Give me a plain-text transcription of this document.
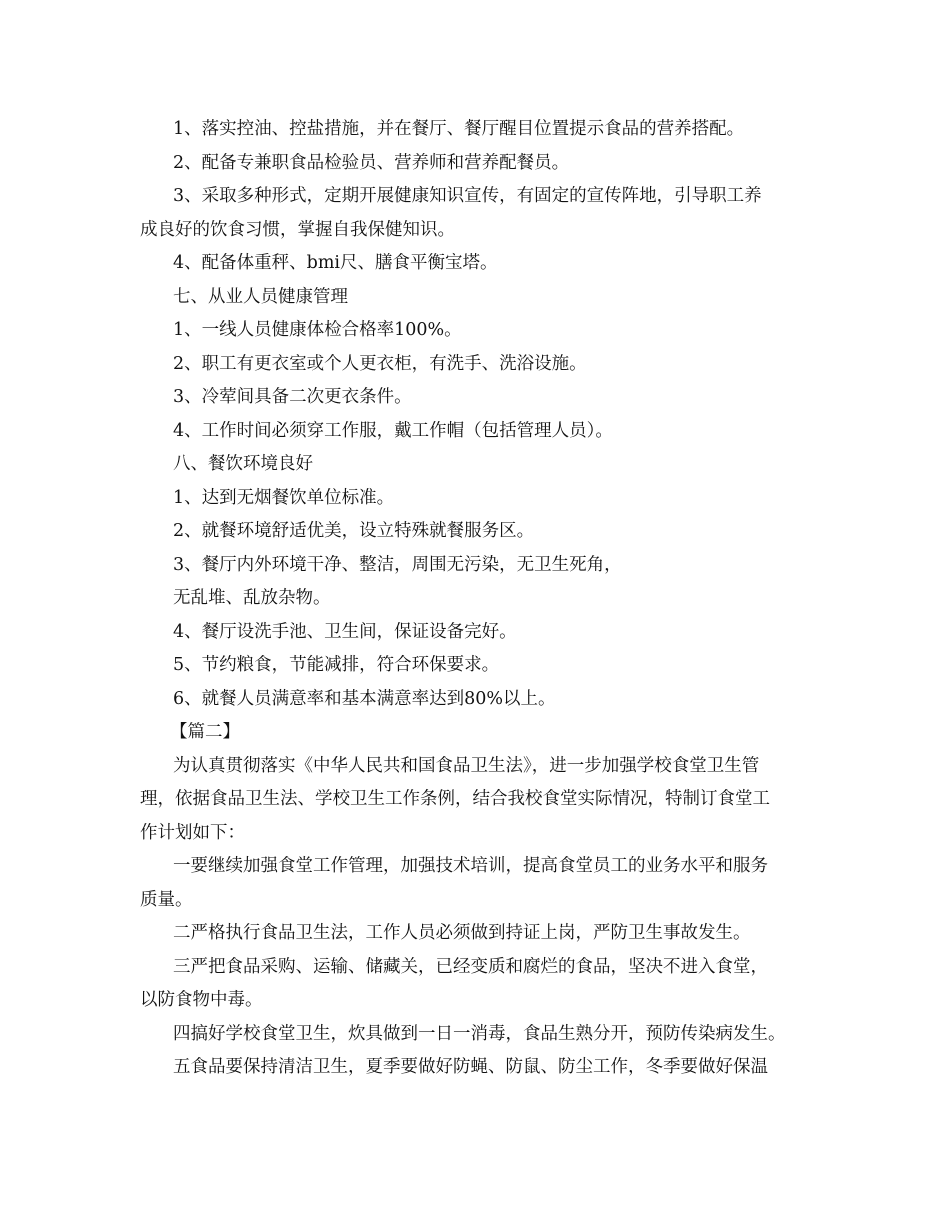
1、落实控油、控盐措施，并在餐厅、餐厅醒目位置提示食品的营养搭配。

2、配备专兼职食品检验员、营养师和营养配餐员。

3、采取多种形式，定期开展健康知识宣传，有固定的宣传阵地，引导职工养

成良好的饮食习惯，掌握自我保健知识。

4、配备体重秤、bmi尺、膳食平衡宝塔。

七、从业人员健康管理

1、一线人员健康体检合格率100%。

2、职工有更衣室或个人更衣柜，有洗手、洗浴设施。

3、冷荤间具备二次更衣条件。

4、工作时间必须穿工作服，戴工作帽（包括管理人员）。

八、餐饮环境良好

1、达到无烟餐饮单位标准。

2、就餐环境舒适优美，设立特殊就餐服务区。

3、餐厅内外环境干净、整洁，周围无污染，无卫生死角，

无乱堆、乱放杂物。

4、餐厅设洗手池、卫生间，保证设备完好。

5、节约粮食，节能减排，符合环保要求。

6、就餐人员满意率和基本满意率达到80%以上。

【篇二】

为认真贯彻落实《中华人民共和国食品卫生法》，进一步加强学校食堂卫生管

理，依据食品卫生法、学校卫生工作条例，结合我校食堂实际情况，特制订食堂工

作计划如下：

一要继续加强食堂工作管理，加强技术培训，提高食堂员工的业务水平和服务

质量。

二严格执行食品卫生法，工作人员必须做到持证上岗，严防卫生事故发生。

三严把食品采购、运输、储藏关，已经变质和腐烂的食品，坚决不进入食堂，

以防食物中毒。

四搞好学校食堂卫生，炊具做到一日一消毒，食品生熟分开，预防传染病发生。

五食品要保持清洁卫生，夏季要做好防蝇、防鼠、防尘工作，冬季要做好保温
